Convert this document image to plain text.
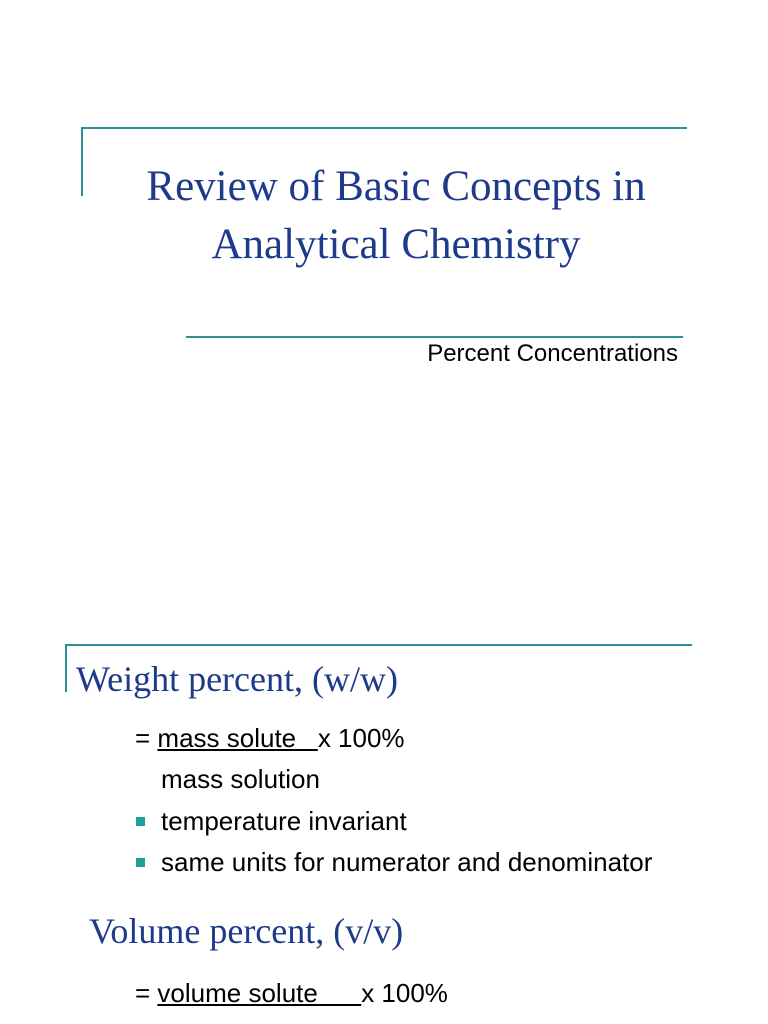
Review of Basic Concepts in
Analytical Chemistry
Percent Concentrations
Weight percent, (w/w)
= mass solute   x 100%
mass solution
temperature invariant
same units for numerator and denominator
Volume percent, (v/v)
= volume solute      x 100%
